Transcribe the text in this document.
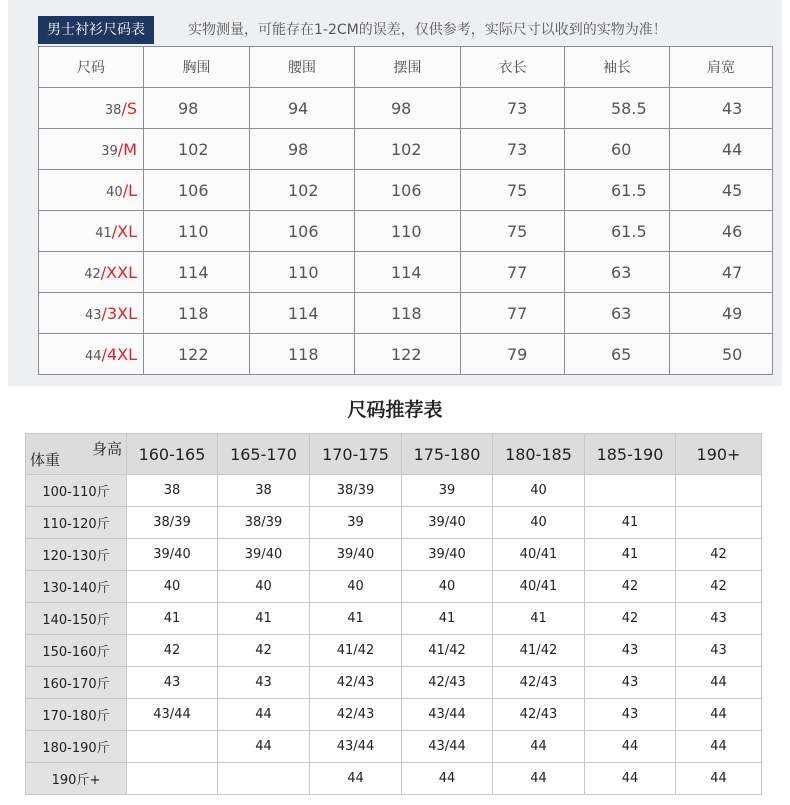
男士衬衫尺码表	实物测量，可能存在1-2CM的误差，仅供参考，实际尺寸以收到的实物为准！
尺码	胸围	腰围	摆围	衣长	袖长	肩宽
38/S	98	94	98	73	58.5	43
39/M	102	98	102	73	60	44
40/L	106	102	106	75	61.5	45
41/XL	110	106	110	75	61.5	46
42/XXL	114	110	114	77	63	47
43/3XL	118	114	118	77	63	49
44/4XL	122	118	122	79	65	50
尺码推荐表
身高
体重	160-165	165-170	170-175	175-180	180-185	185-190	190+
100-110斤	38	38	38/39	39	40		
110-120斤	38/39	38/39	39	39/40	40	41	
120-130斤	39/40	39/40	39/40	39/40	40/41	41	42
130-140斤	40	40	40	40	40/41	42	42
140-150斤	41	41	41	41	41	42	43
150-160斤	42	42	41/42	41/42	41/42	43	43
160-170斤	43	43	42/43	42/43	42/43	43	44
170-180斤	43/44	44	42/43	43/44	42/43	43	44
180-190斤		44	43/44	43/44	44	44	44
190斤+			44	44	44	44	44
